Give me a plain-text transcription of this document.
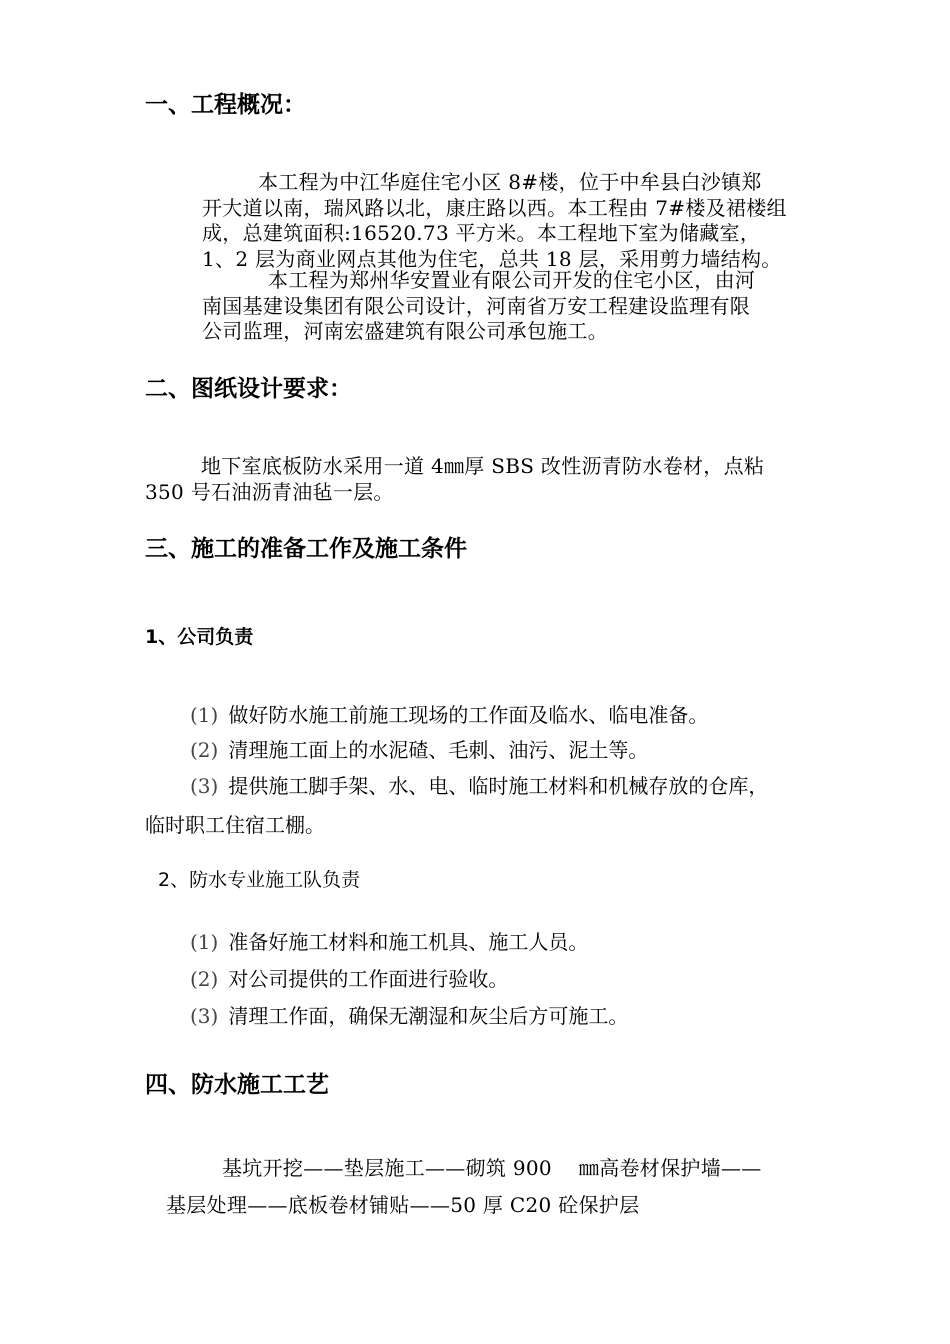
一、工程概况：
本工程为中江华庭住宅小区 8#楼，位于中牟县白沙镇郑
开大道以南，瑞风路以北，康庄路以西。本工程由 7#楼及裙楼组
成，总建筑面积:16520.73 平方米。本工程地下室为储藏室，
1、2 层为商业网点其他为住宅，总共 18 层，采用剪力墙结构。
本工程为郑州华安置业有限公司开发的住宅小区，由河
南国基建设集团有限公司设计，河南省万安工程建设监理有限
公司监理，河南宏盛建筑有限公司承包施工。
二、图纸设计要求：
地下室底板防水采用一道 4㎜厚 SBS 改性沥青防水卷材，点粘
350 号石油沥青油毡一层。
三、施工的准备工作及施工条件
1、公司负责
(1) 做好防水施工前施工现场的工作面及临水、临电准备。
(2) 清理施工面上的水泥碴、毛刺、油污、泥土等。
(3) 提供施工脚手架、水、电、临时施工材料和机械存放的仓库，
临时职工住宿工棚。
2、防水专业施工队负责
(1) 准备好施工材料和施工机具、施工人员。
(2) 对公司提供的工作面进行验收。
(3) 清理工作面，确保无潮湿和灰尘后方可施工。
四、防水施工工艺
基坑开挖——垫层施工——砌筑 900　 ㎜高卷材保护墙——
基层处理——底板卷材铺贴——50 厚 C20 砼保护层
